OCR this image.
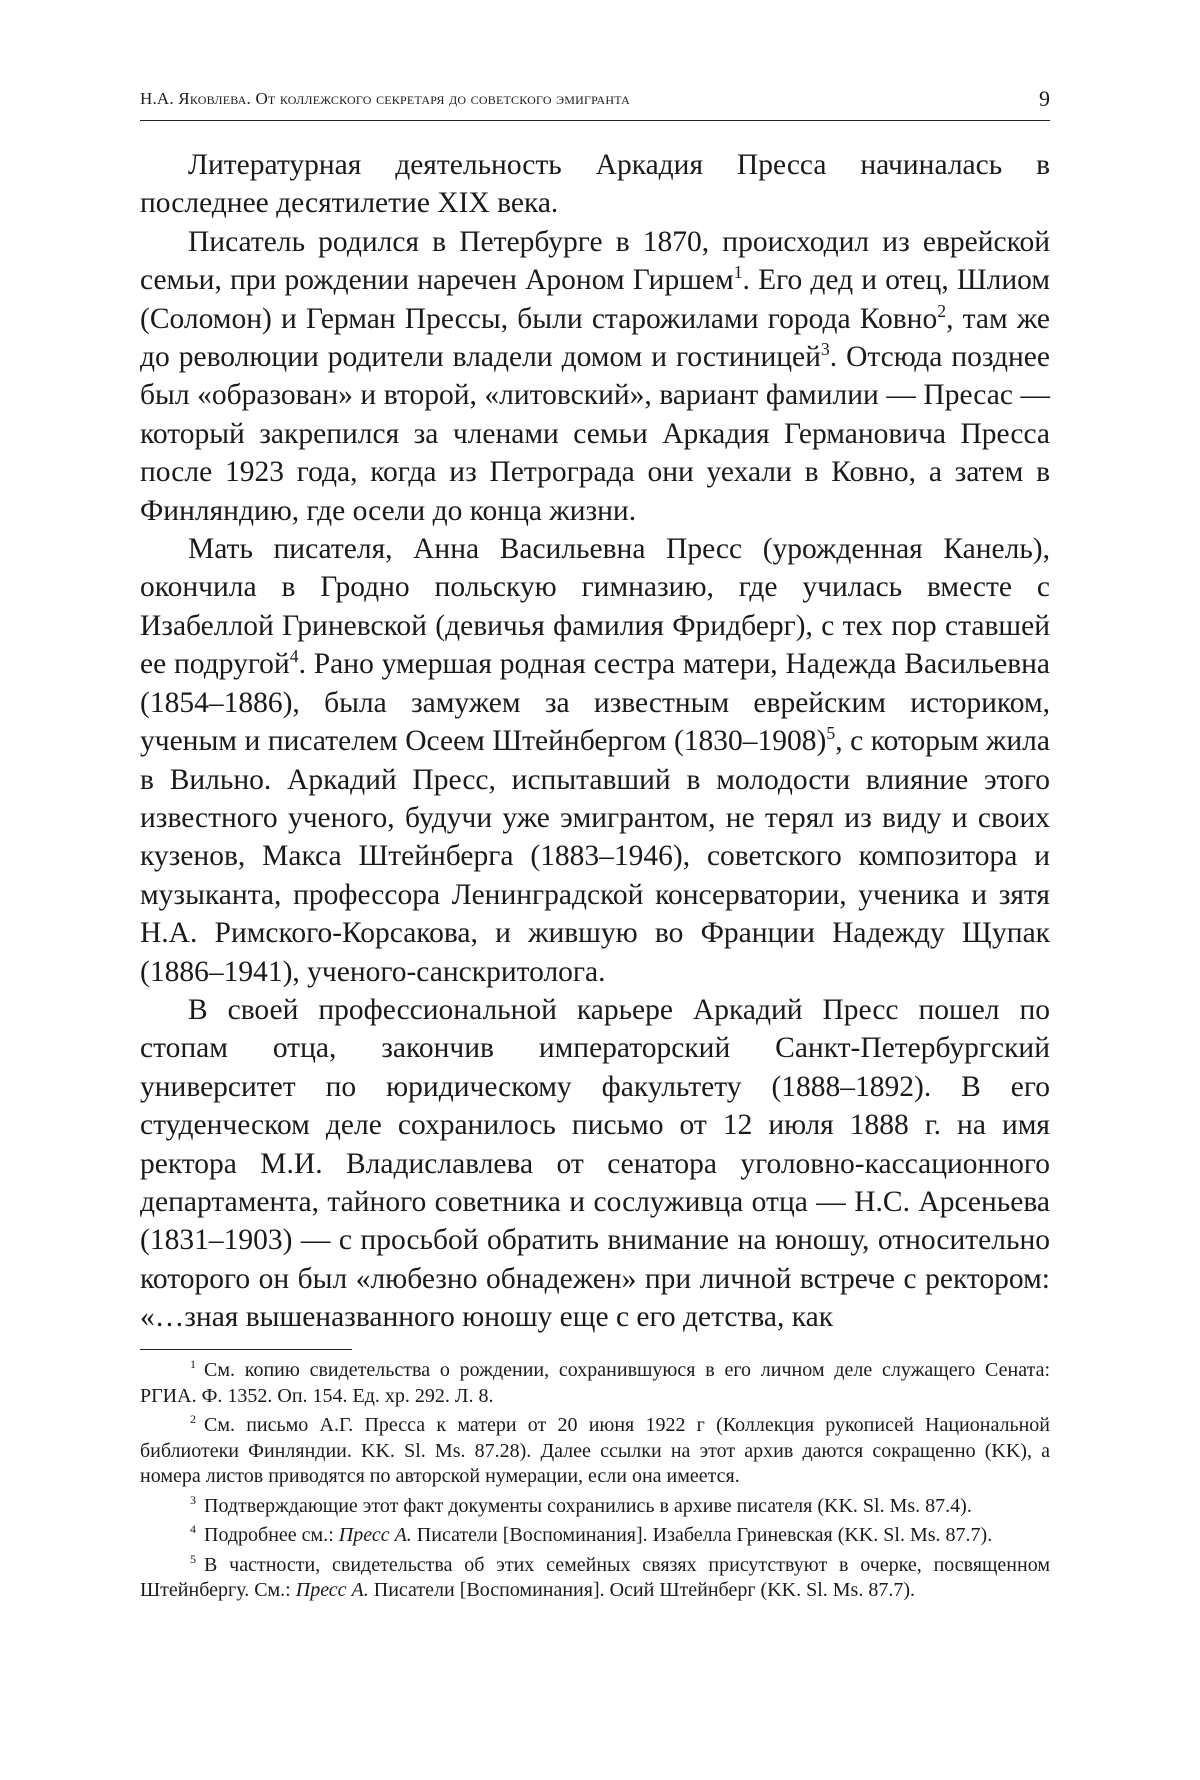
Н.А. Яковлева. От коллежского секретаря до советского эмигранта	9

Литературная деятельность Аркадия Пресса начиналась в последнее десятилетие XIX века.

Писатель родился в Петербурге в 1870, происходил из еврейской семьи, при рождении наречен Ароном Гиршем$^1$. Его дед и отец, Шлиом (Соломон) и Герман Прессы, были старожилами города Ковно$^2$, там же до революции родители владели домом и гостиницей$^3$. Отсюда позднее был «образован» и второй, «литовский», вариант фамилии — Пресас — который закрепился за членами семьи Аркадия Германовича Пресса после 1923 года, когда из Петрограда они уехали в Ковно, а затем в Финляндию, где осели до конца жизни.

Мать писателя, Анна Васильевна Пресс (урожденная Канель), окончила в Гродно польскую гимназию, где училась вместе с Изабеллой Гриневской (девичья фамилия Фридберг), с тех пор ставшей ее подругой$^4$. Рано умершая родная сестра матери, Надежда Васильевна (1854–1886), была замужем за известным еврейским историком, ученым и писателем Осеем Штейнбергом (1830–1908)$^5$, с которым жила в Вильно. Аркадий Пресс, испытавший в молодости влияние этого известного ученого, будучи уже эмигрантом, не терял из виду и своих кузенов, Макса Штейнберга (1883–1946), советского композитора и музыканта, профессора Ленинградской консерватории, ученика и зятя Н.А. Римского-Корсакова, и жившую во Франции Надежду Щупак (1886–1941), ученого-санскритолога.

В своей профессиональной карьере Аркадий Пресс пошел по стопам отца, закончив императорский Санкт-Петербургский университет по юридическому факультету (1888–1892). В его студенческом деле сохранилось письмо от 12 июля 1888 г. на имя ректора М.И. Владиславлева от сенатора уголовно-кассационного департамента, тайного советника и сослуживца отца — Н.С. Арсеньева (1831–1903) — с просьбой обратить внимание на юношу, относительно которого он был «любезно обнадежен» при личной встрече с ректором: «…зная вышеназванного юношу еще с его детства, как

$^1$ См. копию свидетельства о рождении, сохранившуюся в его личном деле служащего Сената: РГИА. Ф. 1352. Оп. 154. Ед. хр. 292. Л. 8.

$^2$ См. письмо А.Г. Пресса к матери от 20 июня 1922 г (Коллекция рукописей Национальной библиотеки Финляндии. KK. Sl. Ms. 87.28). Далее ссылки на этот архив даются сокращенно (KK), а номера листов приводятся по авторской нумерации, если она имеется.

$^3$ Подтверждающие этот факт документы сохранились в архиве писателя (KK. Sl. Ms. 87.4).

$^4$ Подробнее см.: Пресс А. Писатели [Воспоминания]. Изабелла Гриневская (KK. Sl. Ms. 87.7).

$^5$ В частности, свидетельства об этих семейных связях присутствуют в очерке, посвященном Штейнбергу. См.: Пресс А. Писатели [Воспоминания]. Осий Штейнберг (KK. Sl. Ms. 87.7).
